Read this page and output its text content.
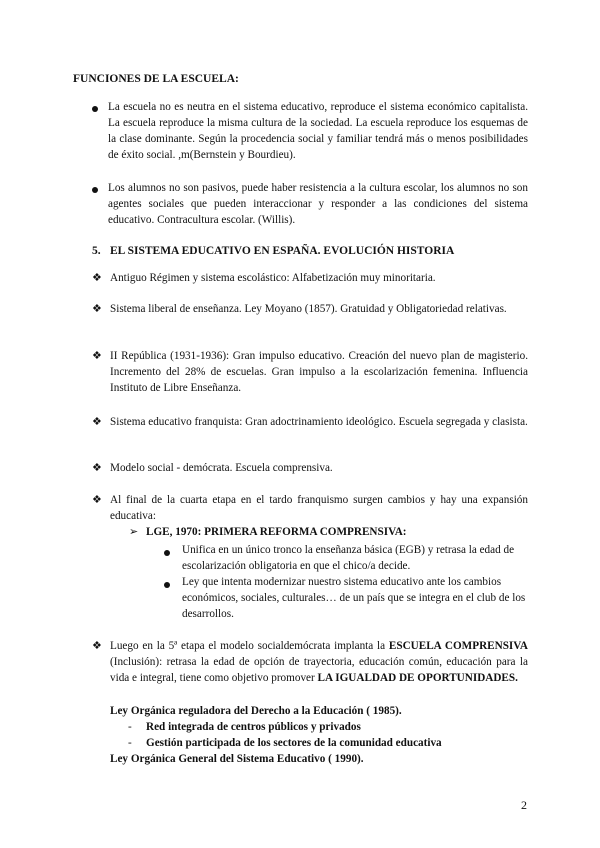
FUNCIONES DE LA ESCUELA:
La escuela no es neutra en el sistema educativo, reproduce el sistema económico capitalista. La escuela reproduce la misma cultura de la sociedad. La escuela reproduce los esquemas de la clase dominante. Según la procedencia social y familiar tendrá más o menos posibilidades de éxito social. ,m(Bernstein y Bourdieu).
Los alumnos no son pasivos, puede haber resistencia a la cultura escolar, los alumnos no son agentes sociales que pueden interaccionar y responder a las condiciones del sistema educativo. Contracultura escolar. (Willis).
5. EL SISTEMA EDUCATIVO EN ESPAÑA. EVOLUCIÓN HISTORIA
❖ Antiguo Régimen y sistema escolástico: Alfabetización muy minoritaria.
❖ Sistema liberal de enseñanza. Ley Moyano (1857). Gratuidad y Obligatoriedad relativas.
❖ II República (1931-1936): Gran impulso educativo. Creación del nuevo plan de magisterio. Incremento del 28% de escuelas. Gran impulso a la escolarización femenina. Influencia Instituto de Libre Enseñanza.
❖ Sistema educativo franquista: Gran adoctrinamiento ideológico. Escuela segregada y clasista.
❖ Modelo social - demócrata. Escuela comprensiva.
❖ Al final de la cuarta etapa en el tardo franquismo surgen cambios y hay una expansión educativa:
➢ LGE, 1970: PRIMERA REFORMA COMPRENSIVA:
Unifica en un único tronco la enseñanza básica (EGB) y retrasa la edad de escolarización obligatoria en que el chico/a decide.
Ley que intenta modernizar nuestro sistema educativo ante los cambios económicos, sociales, culturales… de un país que se integra en el club de los desarrollos.
❖ Luego en la 5ª etapa el modelo socialdemócrata implanta la ESCUELA COMPRENSIVA (Inclusión): retrasa la edad de opción de trayectoria, educación común, educación para la vida e integral, tiene como objetivo promover LA IGUALDAD DE OPORTUNIDADES.
Ley Orgánica reguladora del Derecho a la Educación ( 1985).
- Red integrada de centros públicos y privados
- Gestión participada de los sectores de la comunidad educativa
Ley Orgánica General del Sistema Educativo ( 1990).
2
